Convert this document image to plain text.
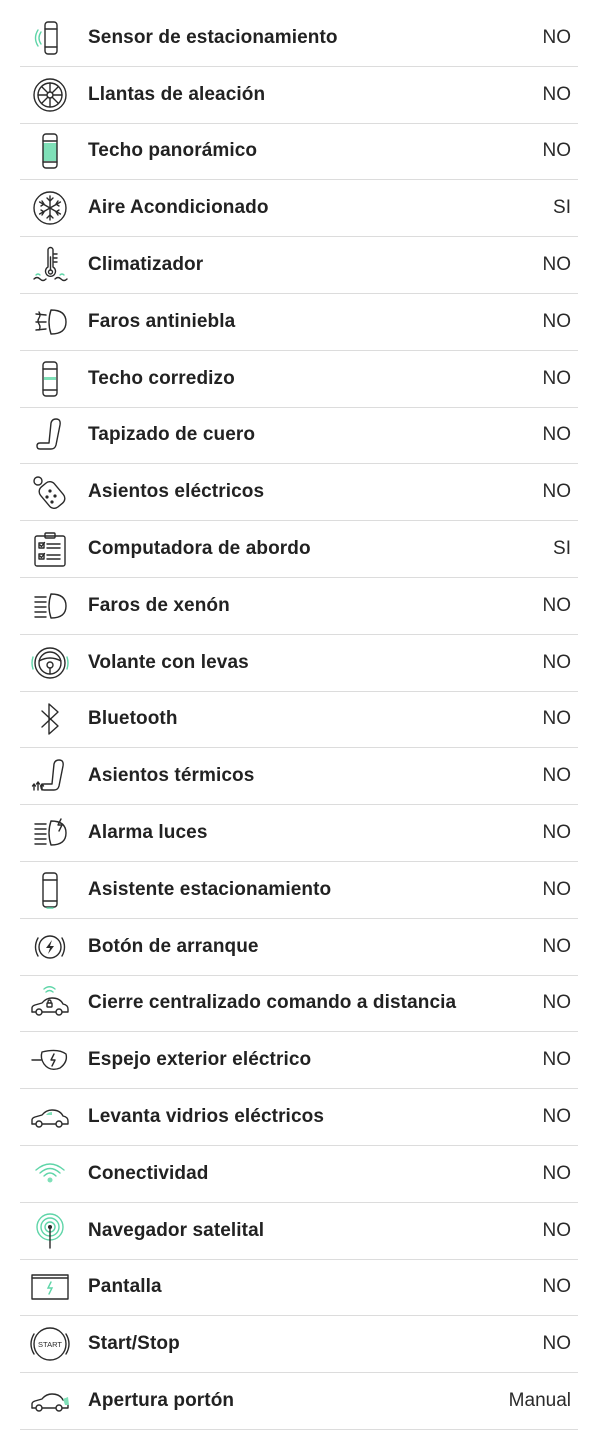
Sensor de estacionamiento	NO
Llantas de aleación	NO
Techo panorámico	NO
Aire Acondicionado	SI
Climatizador	NO
Faros antiniebla	NO
Techo corredizo	NO
Tapizado de cuero	NO
Asientos eléctricos	NO
Computadora de abordo	SI
Faros de xenón	NO
Volante con levas	NO
Bluetooth	NO
Asientos térmicos	NO
Alarma luces	NO
Asistente estacionamiento	NO
Botón de arranque	NO
Cierre centralizado comando a distancia	NO
Espejo exterior eléctrico	NO
Levanta vidrios eléctricos	NO
Conectividad	NO
Navegador satelital	NO
Pantalla	NO
START Start/Stop	NO
Apertura portón	Manual
